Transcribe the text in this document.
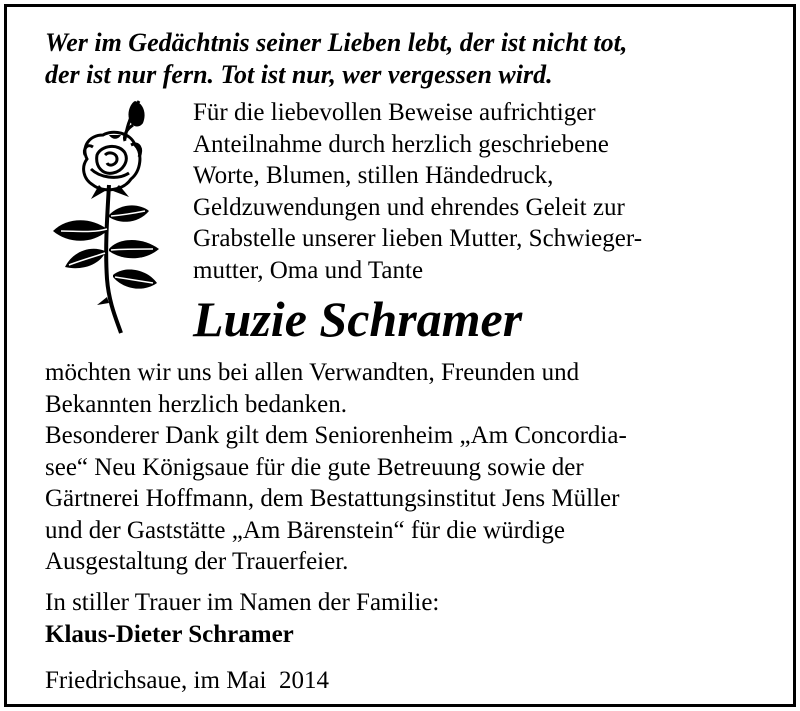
Wer im Gedächtnis seiner Lieben lebt, der ist nicht tot,
der ist nur fern. Tot ist nur, wer vergessen wird.

Für die liebevollen Beweise aufrichtiger
Anteilnahme durch herzlich geschriebene
Worte, Blumen, stillen Händedruck,
Geldzuwendungen und ehrendes Geleit zur
Grabstelle unserer lieben Mutter, Schwieger-
mutter, Oma und Tante

Luzie Schramer

möchten wir uns bei allen Verwandten, Freunden und
Bekannten herzlich bedanken.
Besonderer Dank gilt dem Seniorenheim „Am Concordia-
see“ Neu Königsaue für die gute Betreuung sowie der
Gärtnerei Hoffmann, dem Bestattungsinstitut Jens Müller
und der Gaststätte „Am Bärenstein“ für die würdige
Ausgestaltung der Trauerfeier.

In stiller Trauer im Namen der Familie:

Klaus-Dieter Schramer

Friedrichsaue, im Mai  2014
